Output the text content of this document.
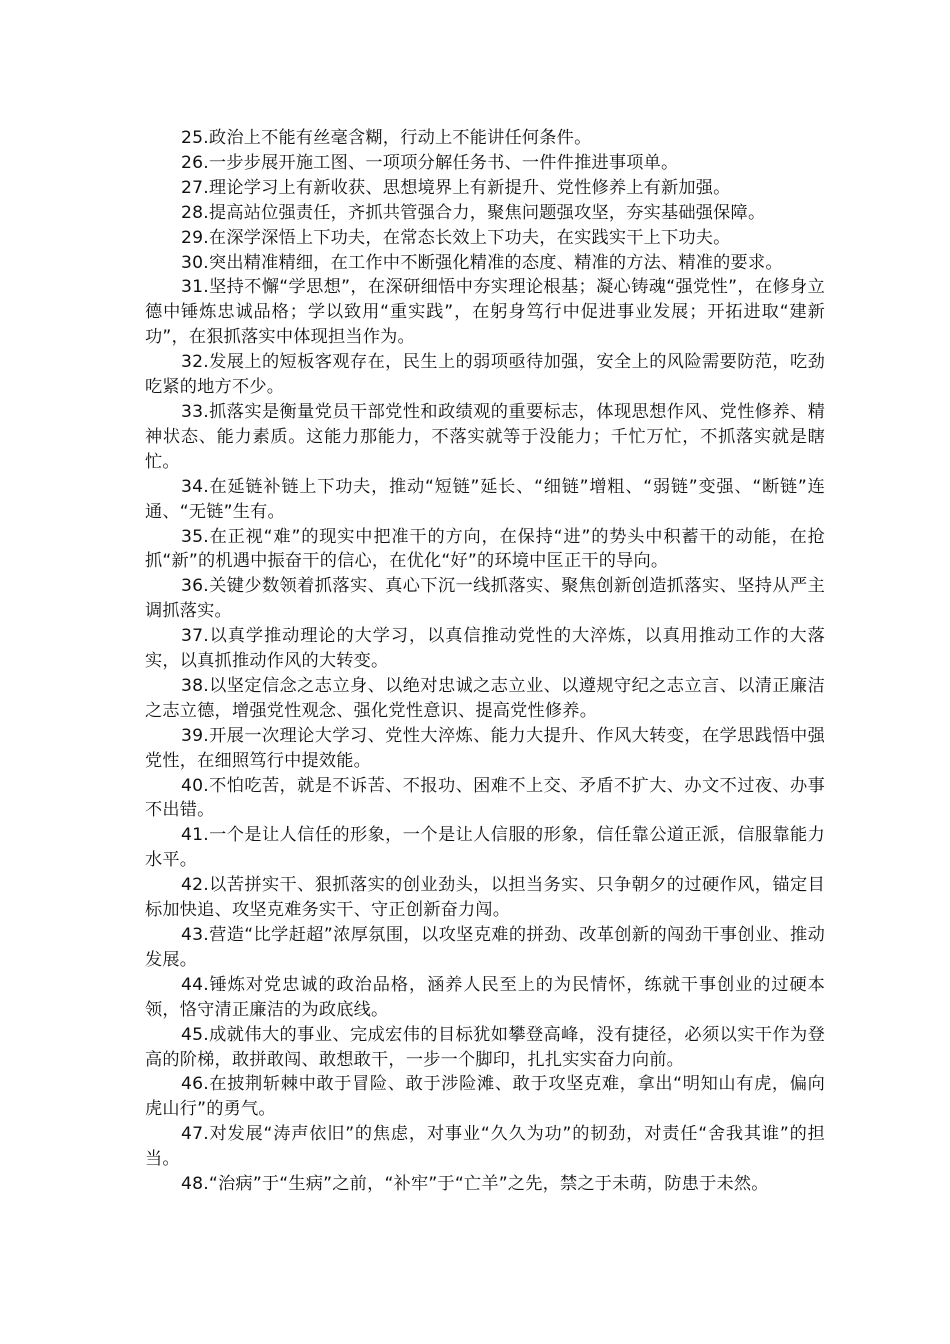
25.政治上不能有丝毫含糊，行动上不能讲任何条件。

26.一步步展开施工图、一项项分解任务书、一件件推进事项单。

27.理论学习上有新收获、思想境界上有新提升、党性修养上有新加强。

28.提高站位强责任，齐抓共管强合力，聚焦问题强攻坚，夯实基础强保障。

29.在深学深悟上下功夫，在常态长效上下功夫，在实践实干上下功夫。

30.突出精准精细，在工作中不断强化精准的态度、精准的方法、精准的要求。

31.坚持不懈“学思想”，在深研细悟中夯实理论根基；凝心铸魂“强党性”，在修身立德中锤炼忠诚品格；学以致用“重实践”，在躬身笃行中促进事业发展；开拓进取“建新功”，在狠抓落实中体现担当作为。

32.发展上的短板客观存在，民生上的弱项亟待加强，安全上的风险需要防范，吃劲吃紧的地方不少。

33.抓落实是衡量党员干部党性和政绩观的重要标志，体现思想作风、党性修养、精神状态、能力素质。这能力那能力，不落实就等于没能力；千忙万忙，不抓落实就是瞎忙。

34.在延链补链上下功夫，推动“短链”延长、“细链”增粗、“弱链”变强、“断链”连通、“无链”生有。

35.在正视“难”的现实中把准干的方向，在保持“进”的势头中积蓄干的动能，在抢抓“新”的机遇中振奋干的信心，在优化“好”的环境中匡正干的导向。

36.关键少数领着抓落实、真心下沉一线抓落实、聚焦创新创造抓落实、坚持从严主调抓落实。

37.以真学推动理论的大学习，以真信推动党性的大淬炼，以真用推动工作的大落实，以真抓推动作风的大转变。

38.以坚定信念之志立身、以绝对忠诚之志立业、以遵规守纪之志立言、以清正廉洁之志立德，增强党性观念、强化党性意识、提高党性修养。

39.开展一次理论大学习、党性大淬炼、能力大提升、作风大转变，在学思践悟中强党性，在细照笃行中提效能。

40.不怕吃苦，就是不诉苦、不报功、困难不上交、矛盾不扩大、办文不过夜、办事不出错。

41.一个是让人信任的形象，一个是让人信服的形象，信任靠公道正派，信服靠能力水平。

42.以苦拼实干、狠抓落实的创业劲头，以担当务实、只争朝夕的过硬作风，锚定目标加快追、攻坚克难务实干、守正创新奋力闯。

43.营造“比学赶超”浓厚氛围，以攻坚克难的拼劲、改革创新的闯劲干事创业、推动发展。

44.锤炼对党忠诚的政治品格，涵养人民至上的为民情怀，练就干事创业的过硬本领，恪守清正廉洁的为政底线。

45.成就伟大的事业、完成宏伟的目标犹如攀登高峰，没有捷径，必须以实干作为登高的阶梯，敢拼敢闯、敢想敢干，一步一个脚印，扎扎实实奋力向前。

46.在披荆斩棘中敢于冒险、敢于涉险滩、敢于攻坚克难，拿出“明知山有虎，偏向虎山行”的勇气。

47.对发展“涛声依旧”的焦虑，对事业“久久为功”的韧劲，对责任“舍我其谁”的担当。

48.“治病”于“生病”之前，“补牢”于“亡羊”之先，禁之于未萌，防患于未然。
